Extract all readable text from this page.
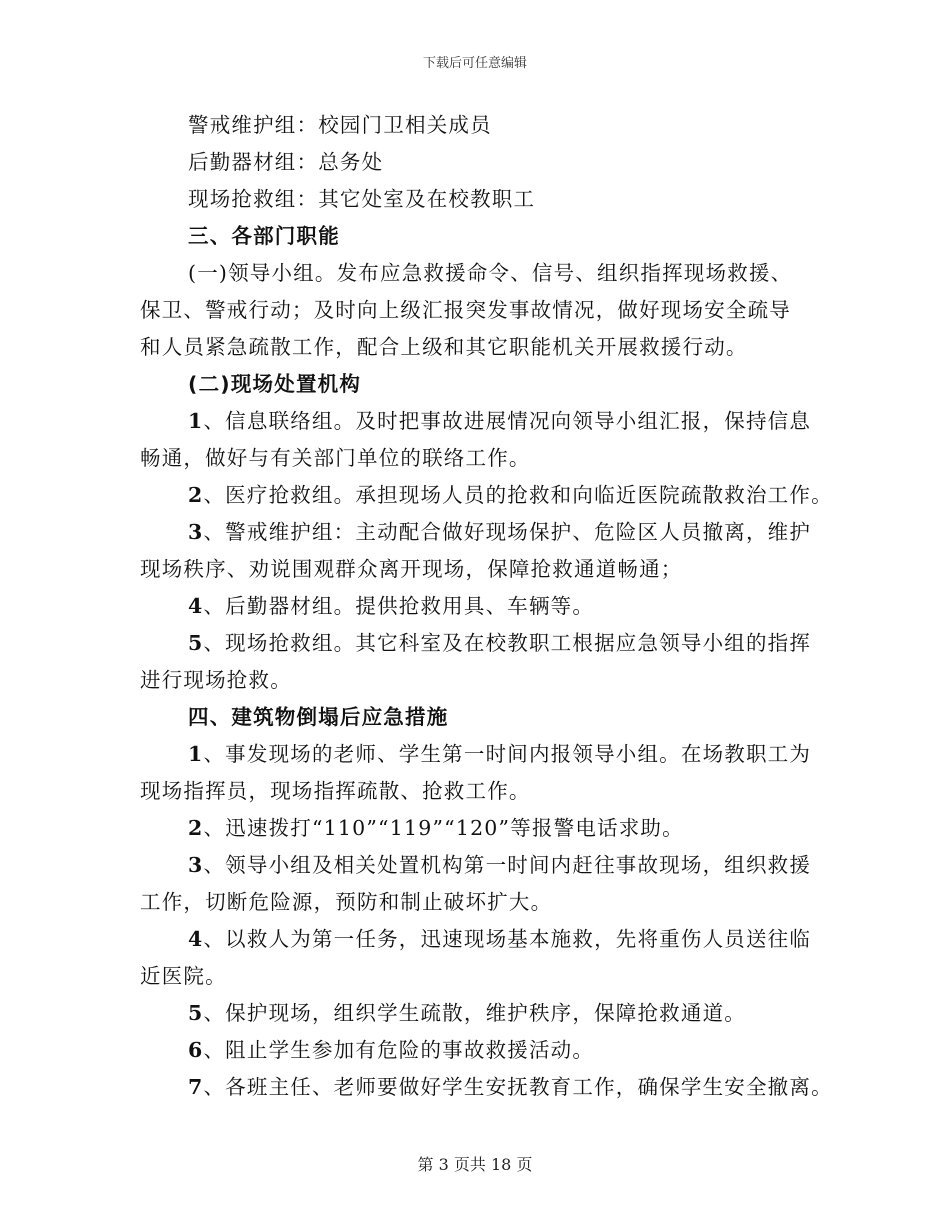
下载后可任意编辑
警戒维护组：校园门卫相关成员
后勤器材组：总务处
现场抢救组：其它处室及在校教职工
三、各部门职能
(一)领导小组。发布应急救援命令、信号、组织指挥现场救援、
保卫、警戒行动；及时向上级汇报突发事故情况，做好现场安全疏导
和人员紧急疏散工作，配合上级和其它职能机关开展救援行动。
(二)现场处置机构
1、信息联络组。及时把事故进展情况向领导小组汇报，保持信息
畅通，做好与有关部门单位的联络工作。
2、医疗抢救组。承担现场人员的抢救和向临近医院疏散救治工作。
3、警戒维护组：主动配合做好现场保护、危险区人员撤离，维护
现场秩序、劝说围观群众离开现场，保障抢救通道畅通；
4、后勤器材组。提供抢救用具、车辆等。
5、现场抢救组。其它科室及在校教职工根据应急领导小组的指挥
进行现场抢救。
四、建筑物倒塌后应急措施
1、事发现场的老师、学生第一时间内报领导小组。在场教职工为
现场指挥员，现场指挥疏散、抢救工作。
2、迅速拨打“110”“119”“120”等报警电话求助。
3、领导小组及相关处置机构第一时间内赶往事故现场，组织救援
工作，切断危险源，预防和制止破坏扩大。
4、以救人为第一任务，迅速现场基本施救，先将重伤人员送往临
近医院。
5、保护现场，组织学生疏散，维护秩序，保障抢救通道。
6、阻止学生参加有危险的事故救援活动。
7、各班主任、老师要做好学生安抚教育工作，确保学生安全撤离。
第 3 页共 18 页
